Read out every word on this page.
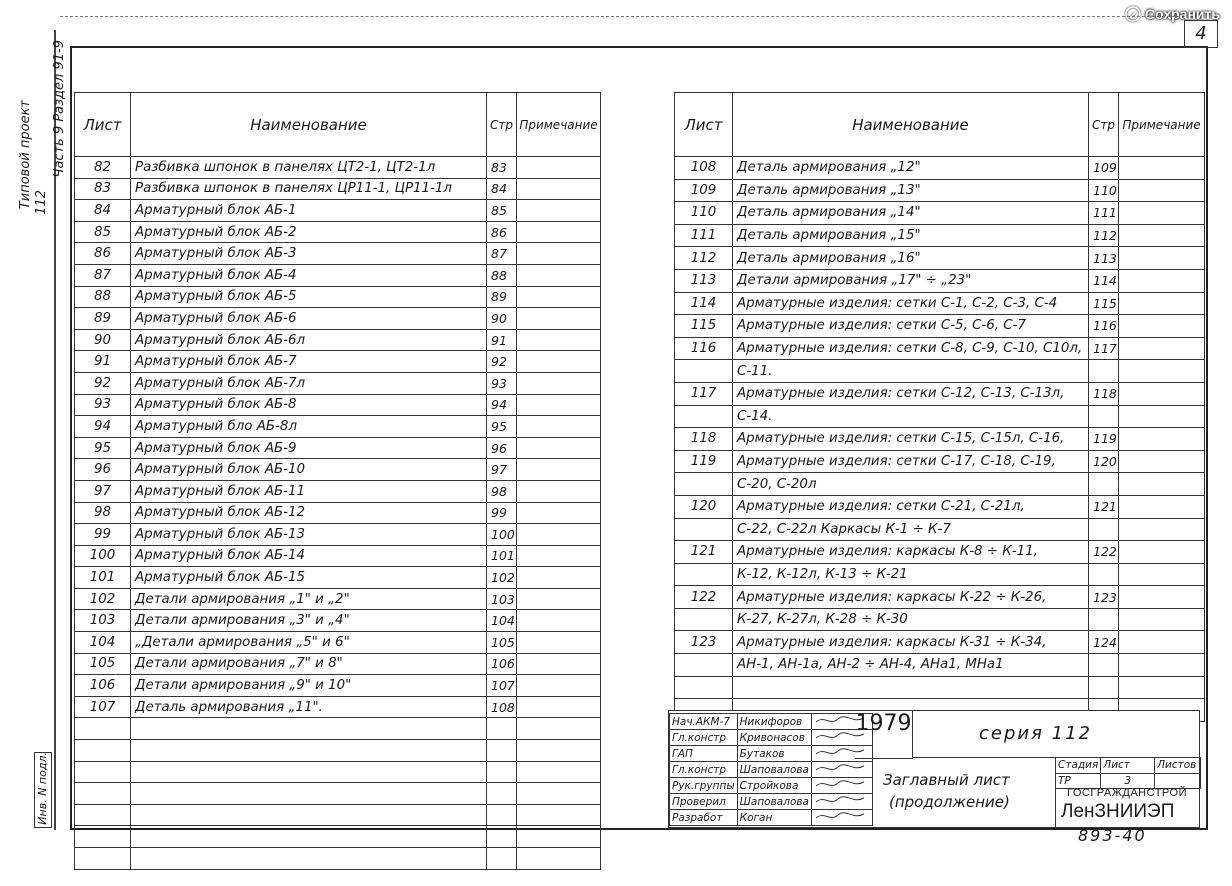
Сохранить
4
Типовой проект 112
Часть 9 Раздел 91-9 Лист	Наименование	Стр	Примечание
82	Разбивка шпонок в панелях ЦТ2-1, ЦТ2-1л	83	
83	Разбивка шпонок в панелях ЦР11-1, ЦР11-1л	84	
84	Арматурный блок АБ-1	85	
85	Арматурный блок АБ-2	86	
86	Арматурный блок АБ-3	87	
87	Арматурный блок АБ-4	88	
88	Арматурный блок АБ-5	89	
89	Арматурный блок АБ-6	90	
90	Арматурный блок АБ-6л	91	
91	Арматурный блок АБ-7	92	
92	Арматурный блок АБ-7л	93	
93	Арматурный блок АБ-8	94	
94	Арматурный бло АБ-8л	95	
95	Арматурный блок АБ-9	96	
96	Арматурный блок АБ-10	97	
97	Арматурный блок АБ-11	98	
98	Арматурный блок АБ-12	99	
99	Арматурный блок АБ-13	100	
100	Арматурный блок АБ-14	101	
101	Арматурный блок АБ-15	102	
102	Детали армирования „1" и „2"	103	
103	Детали армирования „3" и „4"	104	
104	„Детали армирования „5" и 6"	105	
105	Детали армирования „7" и 8"	106	
106	Детали армирования „9" и 10"	107	
107	Деталь армирования „11".	108	

Лист	Наименование	Стр	Примечание
108	Деталь армирования „12"	109	
109	Деталь армирования „13"	110	
110	Деталь армирования „14"	111	
111	Деталь армирования „15"	112	
112	Деталь армирования „16"	113	
113	Детали армирования „17" ÷ „23"	114	
114	Арматурные изделия: сетки С-1, С-2, С-3, С-4	115	
115	Арматурные изделия: сетки С-5, С-6, С-7	116	
116	Арматурные изделия: сетки С-8, С-9, С-10, С10л,	117	
	С-11.		
117	Арматурные изделия: сетки С-12, С-13, С-13л,	118	
	С-14.		
118	Арматурные изделия: сетки С-15, С-15л, С-16,	119	
119	Арматурные изделия: сетки С-17, С-18, С-19,	120	
	С-20, С-20л		
120	Арматурные изделия: сетки С-21, С-21л,	121	
	С-22, С-22л Каркасы К-1 ÷ К-7		
121	Арматурные изделия: каркасы К-8 ÷ К-11,	122	
	К-12, К-12л, К-13 ÷ К-21		
122	Арматурные изделия: каркасы К-22 ÷ К-26,	123	
	К-27, К-27л, К-28 ÷ К-30		
123	Арматурные изделия: каркасы К-31 ÷ К-34,	124	
	АН-1, АН-1а, АН-2 ÷ АН-4, АНа1, МНа1		

Инв. N подл.
Нач.АКМ-7	Никифоров	
Гл.констр	Кривонасов	
ГАП	Бутаков	
Гл.констр	Шаповалова	
Рук.группы	Стройкова	
Проверил	Шаповалова	
Разработ	Коган	
1979	серия 112
Заглавный лист
(продолжение)
Стадия	Лист	Листов
ТР	3	
ГОСГРАЖДАНСТРОЙ
ЛенЗНИИЭП
893-40
